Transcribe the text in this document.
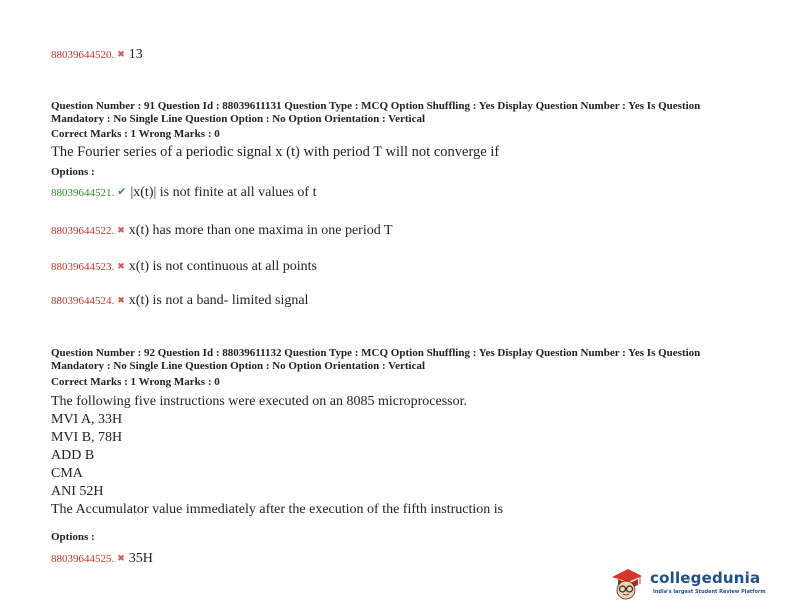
88039644520. ✖ 13
Question Number : 91 Question Id : 88039611131 Question Type : MCQ Option Shuffling : Yes Display Question Number : Yes Is Question
Mandatory : No Single Line Question Option : No Option Orientation : Vertical
Correct Marks : 1 Wrong Marks : 0
The Fourier series of a periodic signal x (t) with period T will not converge if
Options :
88039644521. ✔ |x(t)| is not finite at all values of t
88039644522. ✖ x(t) has more than one maxima in one period T
88039644523. ✖ x(t) is not continuous at all points
88039644524. ✖ x(t) is not a band- limited signal
Question Number : 92 Question Id : 88039611132 Question Type : MCQ Option Shuffling : Yes Display Question Number : Yes Is Question
Mandatory : No Single Line Question Option : No Option Orientation : Vertical
Correct Marks : 1 Wrong Marks : 0
The following five instructions were executed on an 8085 microprocessor.
MVI A, 33H
MVI B, 78H
ADD B
CMA
ANI 52H
The Accumulator value immediately after the execution of the fifth instruction is
Options :
88039644525. ✖ 35H
collegedunia
India's largest Student Review Platform
